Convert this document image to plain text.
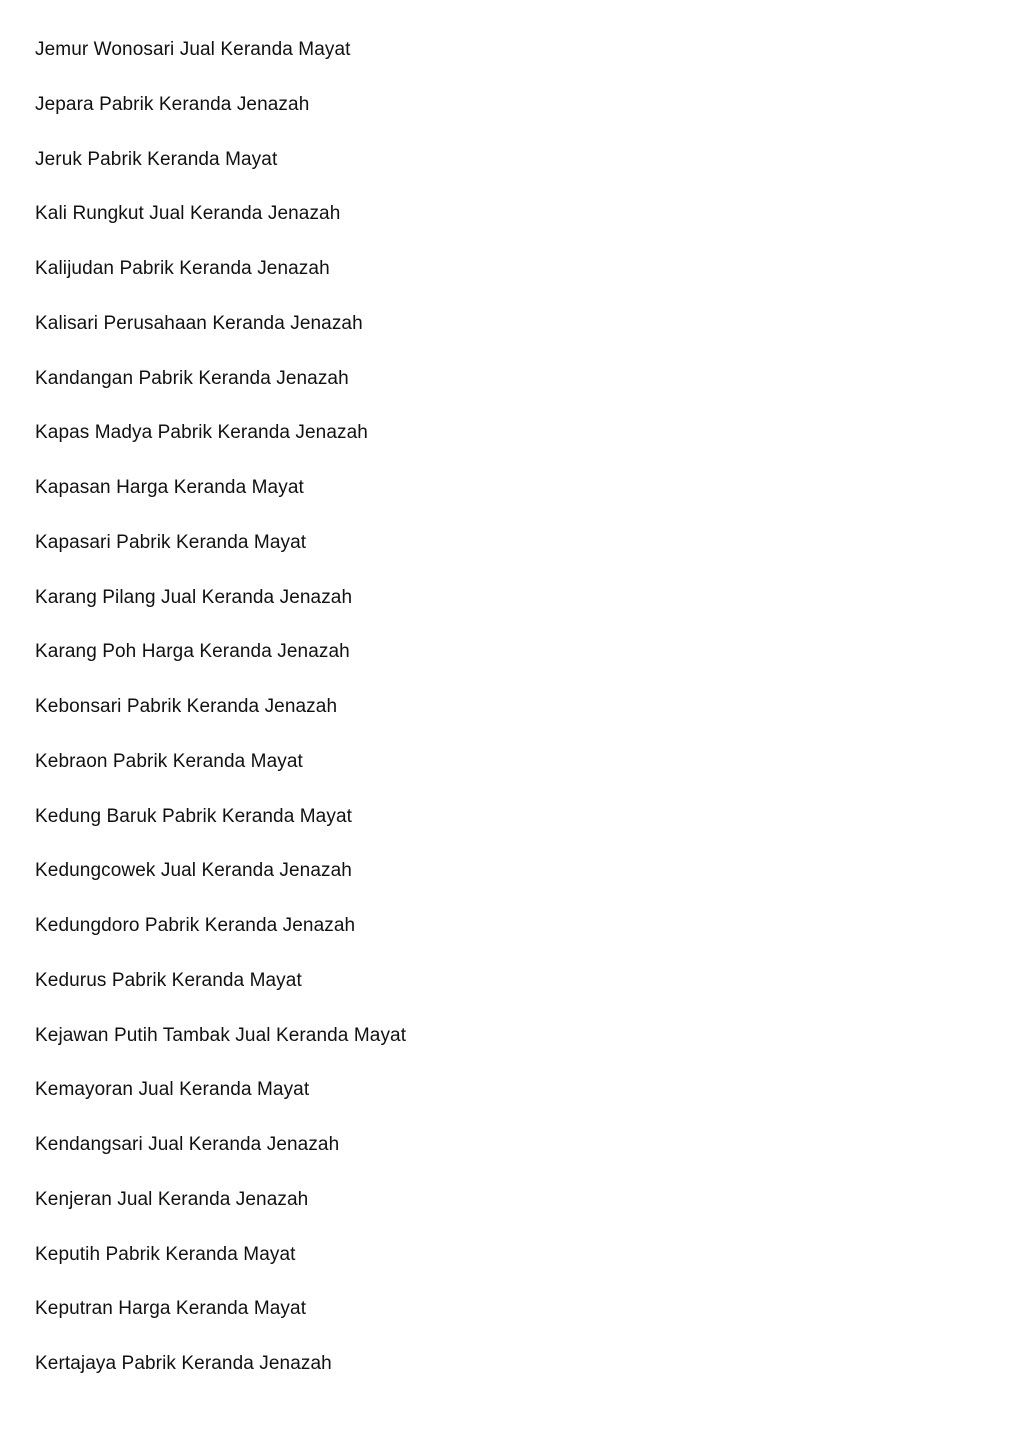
Jemur Wonosari Jual Keranda Mayat
Jepara Pabrik Keranda Jenazah
Jeruk Pabrik Keranda Mayat
Kali Rungkut Jual Keranda Jenazah
Kalijudan Pabrik Keranda Jenazah
Kalisari Perusahaan Keranda Jenazah
Kandangan Pabrik Keranda Jenazah
Kapas Madya Pabrik Keranda Jenazah
Kapasan Harga Keranda Mayat
Kapasari Pabrik Keranda Mayat
Karang Pilang Jual Keranda Jenazah
Karang Poh Harga Keranda Jenazah
Kebonsari Pabrik Keranda Jenazah
Kebraon Pabrik Keranda Mayat
Kedung Baruk Pabrik Keranda Mayat
Kedungcowek Jual Keranda Jenazah
Kedungdoro Pabrik Keranda Jenazah
Kedurus Pabrik Keranda Mayat
Kejawan Putih Tambak Jual Keranda Mayat
Kemayoran Jual Keranda Mayat
Kendangsari Jual Keranda Jenazah
Kenjeran Jual Keranda Jenazah
Keputih Pabrik Keranda Mayat
Keputran Harga Keranda Mayat
Kertajaya Pabrik Keranda Jenazah
